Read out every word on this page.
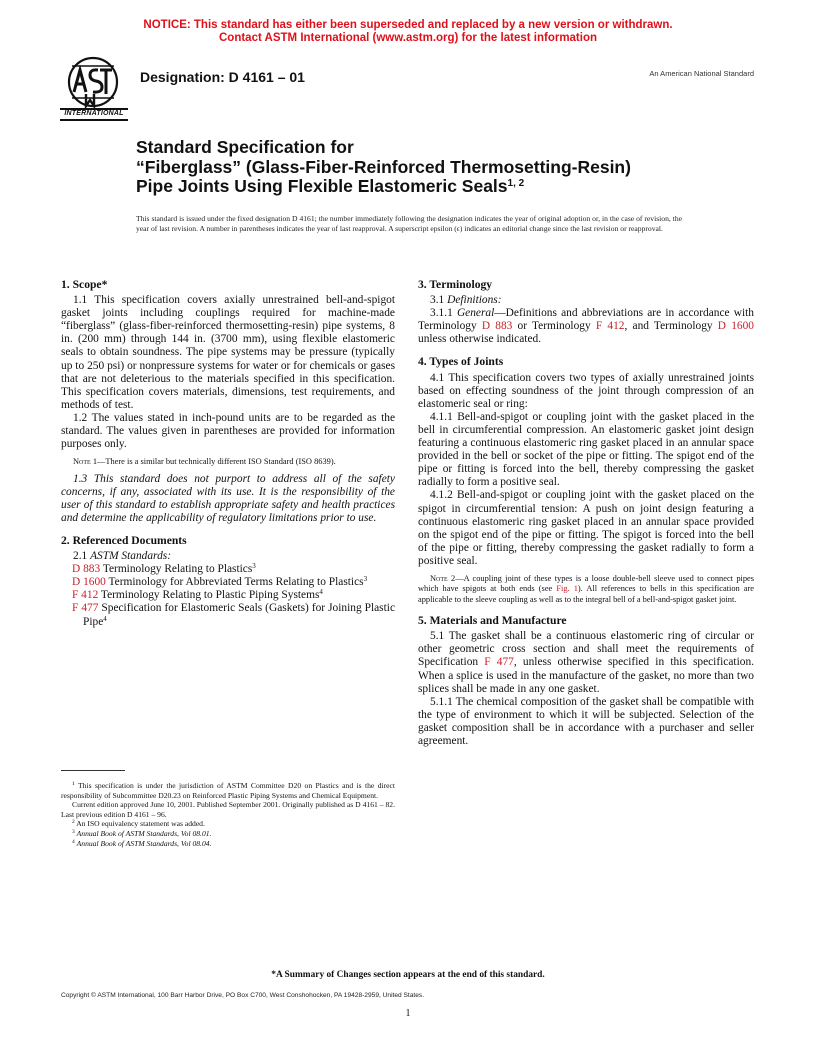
NOTICE: This standard has either been superseded and replaced by a new version or withdrawn.
Contact ASTM International (www.astm.org) for the latest information
INTERNATIONAL
Designation: D 4161 – 01	An American National Standard
Standard Specification for
“Fiberglass” (Glass-Fiber-Reinforced Thermosetting-Resin)
Pipe Joints Using Flexible Elastomeric Seals$^{1, 2}$
This standard is issued under the fixed designation D 4161; the number immediately following the designation indicates the year of original adoption or, in the case of revision, the year of last revision. A number in parentheses indicates the year of last reapproval. A superscript epsilon (ϵ) indicates an editorial change since the last revision or reapproval.
1. Scope*

1.1 This specification covers axially unrestrained bell-and-spigot gasket joints including couplings required for machine-made “fiberglass” (glass-fiber-reinforced thermosetting-resin) pipe systems, 8 in. (200 mm) through 144 in. (3700 mm), using flexible elastomeric seals to obtain soundness. The pipe systems may be pressure (typically up to 250 psi) or nonpressure systems for water or for chemicals or gases that are not deleterious to the materials specified in this specification. This specification covers materials, dimensions, test requirements, and methods of test.

1.2 The values stated in inch-pound units are to be regarded as the standard. The values given in parentheses are provided for information purposes only.

Note 1—There is a similar but technically different ISO Standard (ISO 8639).

1.3 This standard does not purport to address all of the safety concerns, if any, associated with its use. It is the responsibility of the user of this standard to establish appropriate safety and health practices and determine the applicability of regulatory limitations prior to use.

2. Referenced Documents

2.1 ASTM Standards:

D 883 Terminology Relating to Plastics$^3$
D 1600 Terminology for Abbreviated Terms Relating to Plastics$^3$
F 412 Terminology Relating to Plastic Piping Systems$^4$
F 477 Specification for Elastomeric Seals (Gaskets) for Joining Plastic Pipe$^4$
$^1$ This specification is under the jurisdiction of ASTM Committee D20 on Plastics and is the direct responsibility of Subcommittee D20.23 on Reinforced Plastic Piping Systems and Chemical Equipment.
Current edition approved June 10, 2001. Published September 2001. Originally published as D 4161 – 82. Last previous edition D 4161 – 96.
$^2$ An ISO equivalency statement was added.
$^3$ Annual Book of ASTM Standards, Vol 08.01.
$^4$ Annual Book of ASTM Standards, Vol 08.04.
3. Terminology

3.1 Definitions:

3.1.1 General—Definitions and abbreviations are in accordance with Terminology D 883 or Terminology F 412, and Terminology D 1600 unless otherwise indicated.

4. Types of Joints

4.1 This specification covers two types of axially unrestrained joints based on effecting soundness of the joint through compression of an elastomeric seal or ring:

4.1.1 Bell-and-spigot or coupling joint with the gasket placed in the bell in circumferential compression. An elastomeric gasket joint design featuring a continuous elastomeric ring gasket placed in an annular space provided in the bell or socket of the pipe or fitting. The spigot end of the pipe or fitting is forced into the bell, thereby compressing the gasket radially to form a positive seal.

4.1.2 Bell-and-spigot or coupling joint with the gasket placed on the spigot in circumferential tension: A push on joint design featuring a continuous elastomeric ring gasket placed in an annular space provided on the spigot end of the pipe or fitting. The spigot is forced into the bell of the pipe or fitting, thereby compressing the gasket radially to form a positive seal.

Note 2—A coupling joint of these types is a loose double-bell sleeve used to connect pipes which have spigots at both ends (see Fig. 1). All references to bells in this specification are applicable to the sleeve coupling as well as to the integral bell of a bell-and-spigot gasket joint.
5. Materials and Manufacture

5.1 The gasket shall be a continuous elastomeric ring of circular or other geometric cross section and shall meet the requirements of Specification F 477, unless otherwise specified in this specification. When a splice is used in the manufacture of the gasket, no more than two splices shall be made in any one gasket.

5.1.1 The chemical composition of the gasket shall be compatible with the type of environment to which it will be subjected. Selection of the gasket composition shall be in accordance with a purchaser and seller agreement.

*A Summary of Changes section appears at the end of this standard.
Copyright © ASTM International, 100 Barr Harbor Drive, PO Box C700, West Conshohocken, PA 19428-2959, United States.
1
